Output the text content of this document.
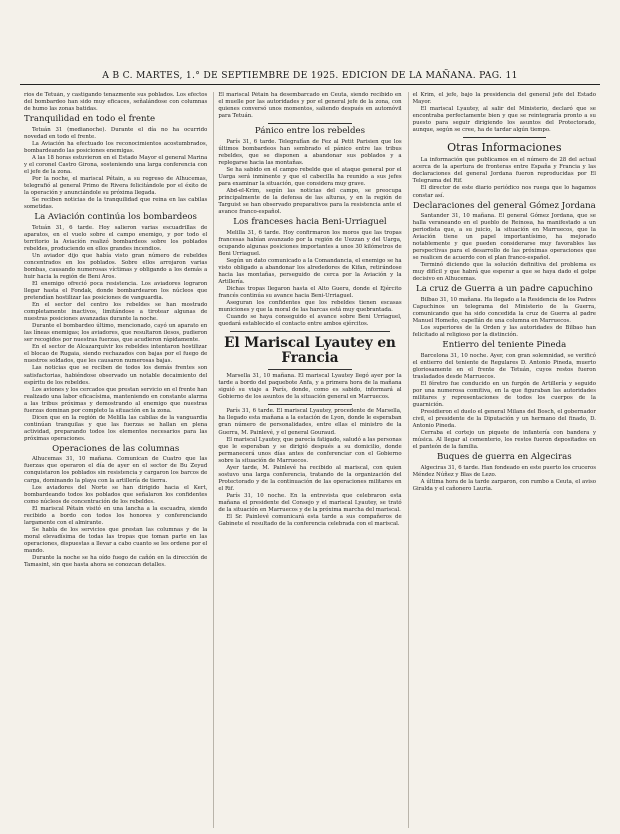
A B C. MARTES, 1.° DE SEPTIEMBRE DE 1925. EDICION DE LA MAÑANA. PAG. 11

rios de Tetuán, y castigando tenazmente sus poblados. Los efectos del bombardeo han sido muy eficaces, señalándose con columnas de humo las zonas batidas.

Tranquilidad en todo el frente

Tetuán 31 (medianoche). Durante el día no ha ocurrido novedad en todo el frente.

La Aviación ha efectuado los reconocimientos acostumbrados, bombardeando las posiciones enemigas.

A las 18 horas estuvieron en el Estado Mayor el general Marina y el coronel Castro Girona, sosteniendo una larga conferencia con el jefe de la zona.

Por la noche, el mariscal Pétain, a su regreso de Alhucemas, telegrafió al general Primo de Rivera felicitándole por el éxito de la operación y anunciándole su próxima llegada.

Se reciben noticias de la tranquilidad que reina en las cabilas sometidas.

La Aviación continúa los bombardeos

Tetuán 31, 6 tarde. Hoy salieron varias escuadrillas de aparatos, en el vuelo sobre el campo enemigo, y por todo el territorio la Aviación realizó bombardeos sobre los poblados rebeldes, produciendo en ellos grandes incendios.

Un aviador dijo que había visto gran número de rebeldes concentrados en los poblados. Sobre ellos arrojaron varias bombas, causando numerosas víctimas y obligando a los demás a huir hacia la región de Beni Aros.

El enemigo ofreció poca resistencia. Los aviadores lograron llegar hasta el Fondak, donde bombardearon los núcleos que pretendían hostilizar las posiciones de vanguardia.

En el sector del centro los rebeldes se han mostrado completamente inactivos, limitándose a tirotear algunas de nuestras posiciones avanzadas durante la noche.

Durante el bombardeo último, mencionado, cayó un aparato en las líneas enemigas; los aviadores, que resultaron ilesos, pudieron ser recogidos por nuestras fuerzas, que acudieron rápidamente.

En el sector de Alcazarquivir los rebeldes intentaron hostilizar el blocao de Rugaia, siendo rechazados con bajas por el fuego de nuestros soldados, que les causaron numerosas bajas.

Las noticias que se reciben de todos los demás frentes son satisfactorias, habiéndose observado un notable decaimiento del espíritu de los rebeldes.

Los aviones y los cercados que prestan servicio en el frente han realizado una labor eficacísima, manteniendo en constante alarma a las tribus próximas y demostrando al enemigo que nuestras fuerzas dominan por completo la situación en la zona.

Dicen que en la región de Melilla las cabilas de la vanguardia continúan tranquilas y que las fuerzas se hallan en plena actividad, preparando todos los elementos necesarios para las próximas operaciones.

Operaciones de las columnas

Alhucemas 31, 10 mañana. Comunican de Cuatro que las fuerzas que operaron el día de ayer en el sector de Bu Zeyud conquistaron los poblados sin resistencia y cargaron los barcos de carga, dominando la playa con la artillería de tierra.

Los aviadores del Norte se han dirigido hacia el Kert, bombardeando todos los poblados que señalaron los confidentes como núcleos de concentración de los rebeldes.

El mariscal Pétain visitó en una lancha a la escuadra, siendo recibido a bordo con todos los honores y conferenciando largamente con el almirante.

Se habla de los servicios que prestan las columnas y de la moral elevadísima de todas las tropas que toman parte en las operaciones, dispuestas a llevar a cabo cuanto se les ordene por el mando.

Durante la noche se ha oído fuego de cañón en la dirección de Tamasint, sin que hasta ahora se conozcan detalles.

El mariscal Pétain ha desembarcado en Ceuta, siendo recibido en el muelle por las autoridades y por el general jefe de la zona, con quienes conversó unos momentos, saliendo después en automóvil para Tetuán.

Pánico entre los rebeldes

París 31, 6 tarde. Telegrafían de Fez al Petit Parisien que los últimos bombardeos han sembrado el pánico entre las tribus rebeldes, que se disponen a abandonar sus poblados y a replegarse hacia las montañas.

Se ha sabido en el campo rebelde que el ataque general por el Uarga será inminente y que el cabecilla ha reunido a sus jefes para examinar la situación, que considera muy grave.

Abd-el-Krim, según las noticias del campo, se preocupa principalmente de la defensa de las alturas, y en la región de Targuist se han observado preparativos para la resistencia ante el avance franco-español.

Los franceses hacia Beni-Urriaguel

Melilla 31, 6 tarde. Hoy confirmaron los moros que las tropas francesas habían avanzado por la región de Uezzan y del Uarga, ocupando algunas posiciones importantes a unos 30 kilómetros de Beni Urriaguel.

Según un dato comunicado a la Comandancia, el enemigo se ha visto obligado a abandonar los alrededores de Kifan, retirándose hacia las montañas, perseguido de cerca por la Aviación y la Artillería.

Dichas tropas llegaron hasta el Alto Gueru, donde el Ejército francés continúa su avance hacia Beni-Urriaguel.

Aseguran los confidentes que los rebeldes tienen escasas municiones y que la moral de las harcas está muy quebrantada.

Cuando se haya conseguido el avance sobre Beni Urriaguel, quedará establecido el contacto entre ambos ejércitos.

El Mariscal Lyautey en Francia

Marsella 31, 10 mañana. El mariscal Lyautey llegó ayer por la tarde a bordo del paquebote Anfa, y a primera hora de la mañana siguió su viaje a París, donde, como es sabido, informará al Gobierno de los asuntos de la situación general en Marruecos.

París 31, 6 tarde. El mariscal Lyautey, procedente de Marsella, ha llegado esta mañana a la estación de Lyon, donde le esperaban gran número de personalidades, entre ellas el ministro de la Guerra, M. Painlevé, y el general Gouraud.

El mariscal Lyautey, que parecía fatigado, saludó a las personas que le esperaban y se dirigió después a su domicilio, donde permanecerá unos días antes de conferenciar con el Gobierno sobre la situación de Marruecos.

Ayer tarde, M. Painlevé ha recibido al mariscal, con quien sostuvo una larga conferencia, tratando de la organización del Protectorado y de la continuación de las operaciones militares en el Rif.

París 31, 10 noche. En la entrevista que celebraron esta mañana el presidente del Consejo y el mariscal Lyautey, se trató de la situación en Marruecos y de la próxima marcha del mariscal.

El Sr. Painlevé comunicará esta tarde a sus compañeros de Gabinete el resultado de la conferencia celebrada con el mariscal.

el Krim, el jefe, bajo la presidencia del general jefe del Estado Mayor.

El mariscal Lyautey, al salir del Ministerio, declaró que se encontraba perfectamente bien y que se reintegraría pronto a su puesto para seguir dirigiendo los asuntos del Protectorado, aunque, según se cree, ha de tardar algún tiempo.

Otras Informaciones

La información que publicamos en el número de 28 del actual acerca de la apertura de fronteras entre España y Francia y las declaraciones del general Jordana fueron reproducidas por El Telegrama del Rif.

El director de este diario periódico nos ruega que lo hagamos constar así.

Declaraciones del general Gómez Jordana

Santander 31, 10 mañana. El general Gómez Jordana, que se halla veraneando en el pueblo de Reinosa, ha manifestado a un periodista que, a su juicio, la situación en Marruecos, que la Aviación tiene un papel importantísimo, ha mejorado notablemente y que pueden considerarse muy favorables las perspectivas para el desarrollo de las próximas operaciones que se realicen de acuerdo con el plan franco-español.

Terminó diciendo que la solución definitiva del problema es muy difícil y que habrá que esperar a que se haya dado el golpe decisivo en Alhucemas.

La cruz de Guerra a un padre capuchino

Bilbao 31, 10 mañana. Ha llegado a la Residencia de los Padres Capuchinos un telegrama del Ministerio de la Guerra, comunicando que ha sido concedida la cruz de Guerra al padre Manuel Homeño, capellán de una columna en Marruecos.

Los superiores de la Orden y las autoridades de Bilbao han felicitado al religioso por la distinción.

Entierro del teniente Pineda

Barcelona 31, 10 noche. Ayer, con gran solemnidad, se verificó el entierro del teniente de Regulares D. Antonio Pineda, muerto gloriosamente en el frente de Tetuán, cuyos restos fueron trasladados desde Marruecos.

El féretro fue conducido en un furgón de Artillería y seguido por una numerosa comitiva, en la que figuraban las autoridades militares y representaciones de todos los cuerpos de la guarnición.

Presidieron el duelo el general Milans del Bosch, el gobernador civil, el presidente de la Diputación y un hermano del finado, D. Antonio Pineda.

Cerraba el cortejo un piquete de infantería con bandera y música. Al llegar al cementerio, los restos fueron depositados en el panteón de la familia.

Buques de guerra en Algeciras

Algeciras 31, 6 tarde. Han fondeado en este puerto los cruceros Méndez Núñez y Blas de Lezo.

A última hora de la tarde zarparon, con rumbo a Ceuta, el aviso Giralda y el cañonero Lauria.
